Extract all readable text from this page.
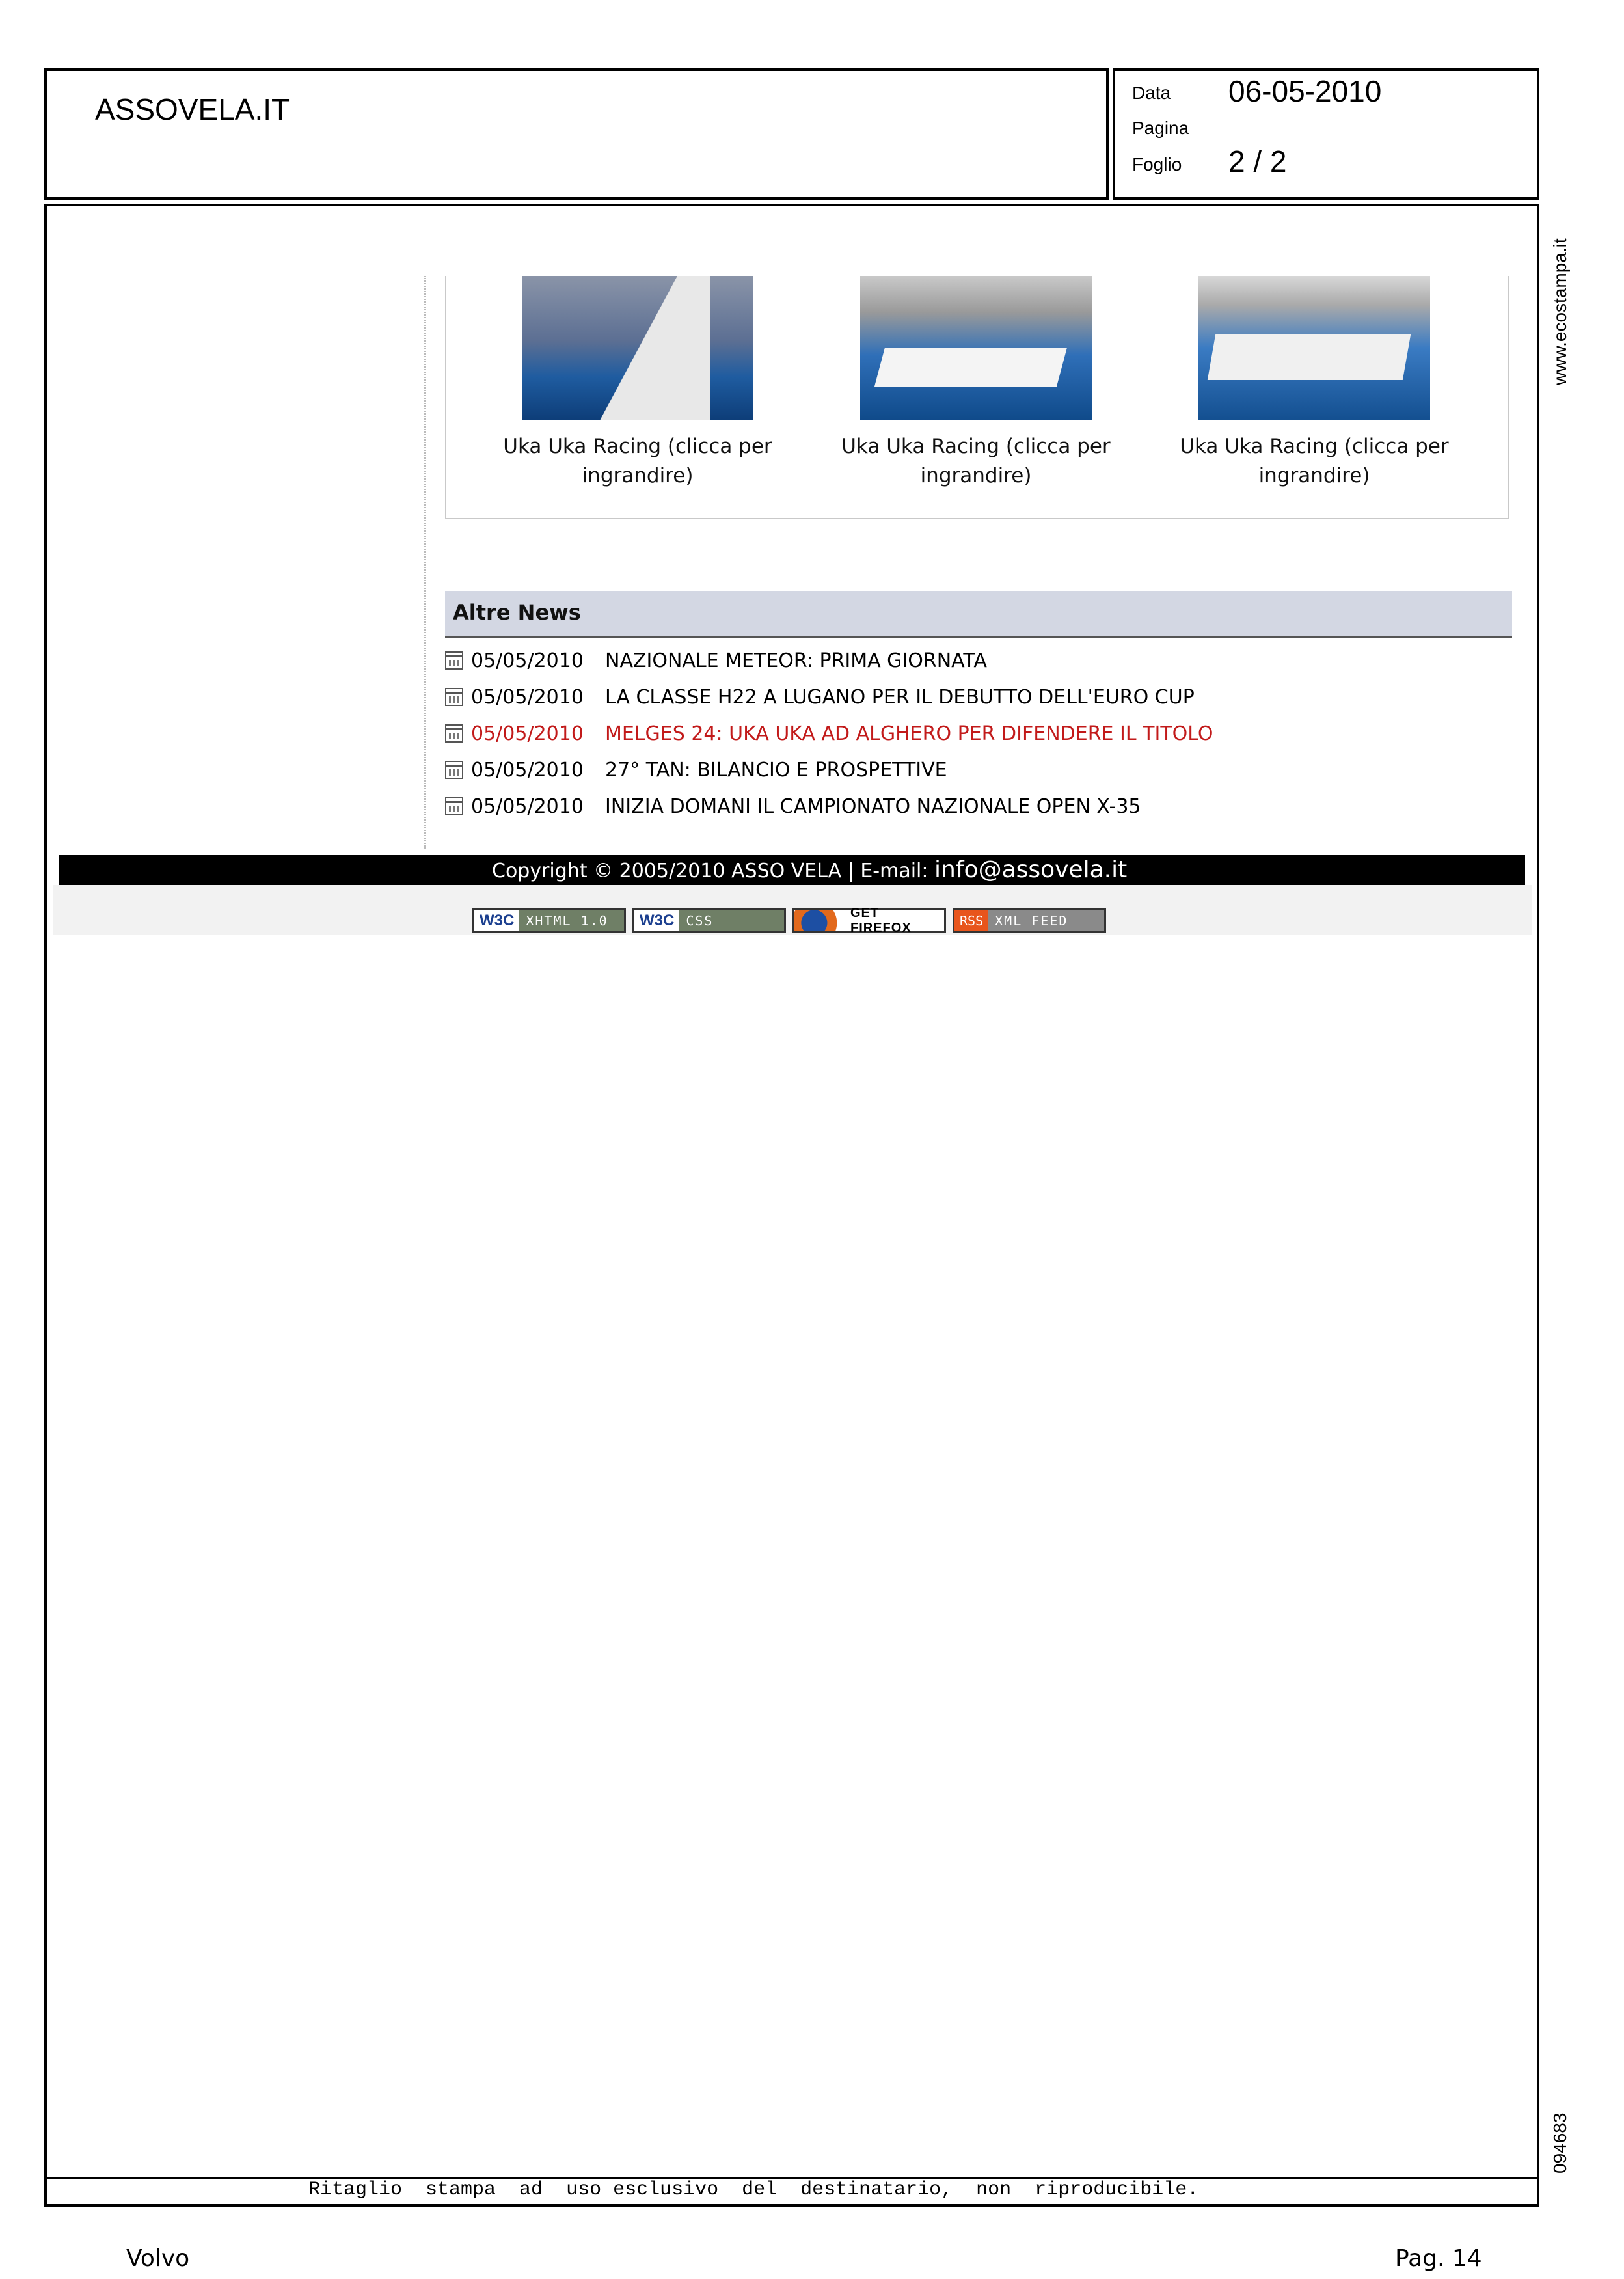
ASSOVELA.IT	Data 06-05-2010
Pagina
Foglio 2 / 2
Ritaglio  stampa  ad  uso esclusivo  del  destinatario,  non  riproducibile.
www.ecostampa.it
094683
Uka Uka Racing (clicca per ingrandire)
Uka Uka Racing (clicca per ingrandire)
Uka Uka Racing (clicca per ingrandire)
Altre News
05/05/2010	NAZIONALE METEOR: PRIMA GIORNATA
05/05/2010	LA CLASSE H22 A LUGANO PER IL DEBUTTO DELL'EURO CUP
05/05/2010	MELGES 24: UKA UKA AD ALGHERO PER DIFENDERE IL TITOLO
05/05/2010	27° TAN: BILANCIO E PROSPETTIVE
05/05/2010	INIZIA DOMANI IL CAMPIONATO NAZIONALE OPEN X-35
Copyright © 2005/2010 ASSO VELA | E-mail: info@assovela.it
W3C XHTML 1.0	W3C CSS	GET FIREFOX	RSS XML FEED
Volvo	Pag. 14
